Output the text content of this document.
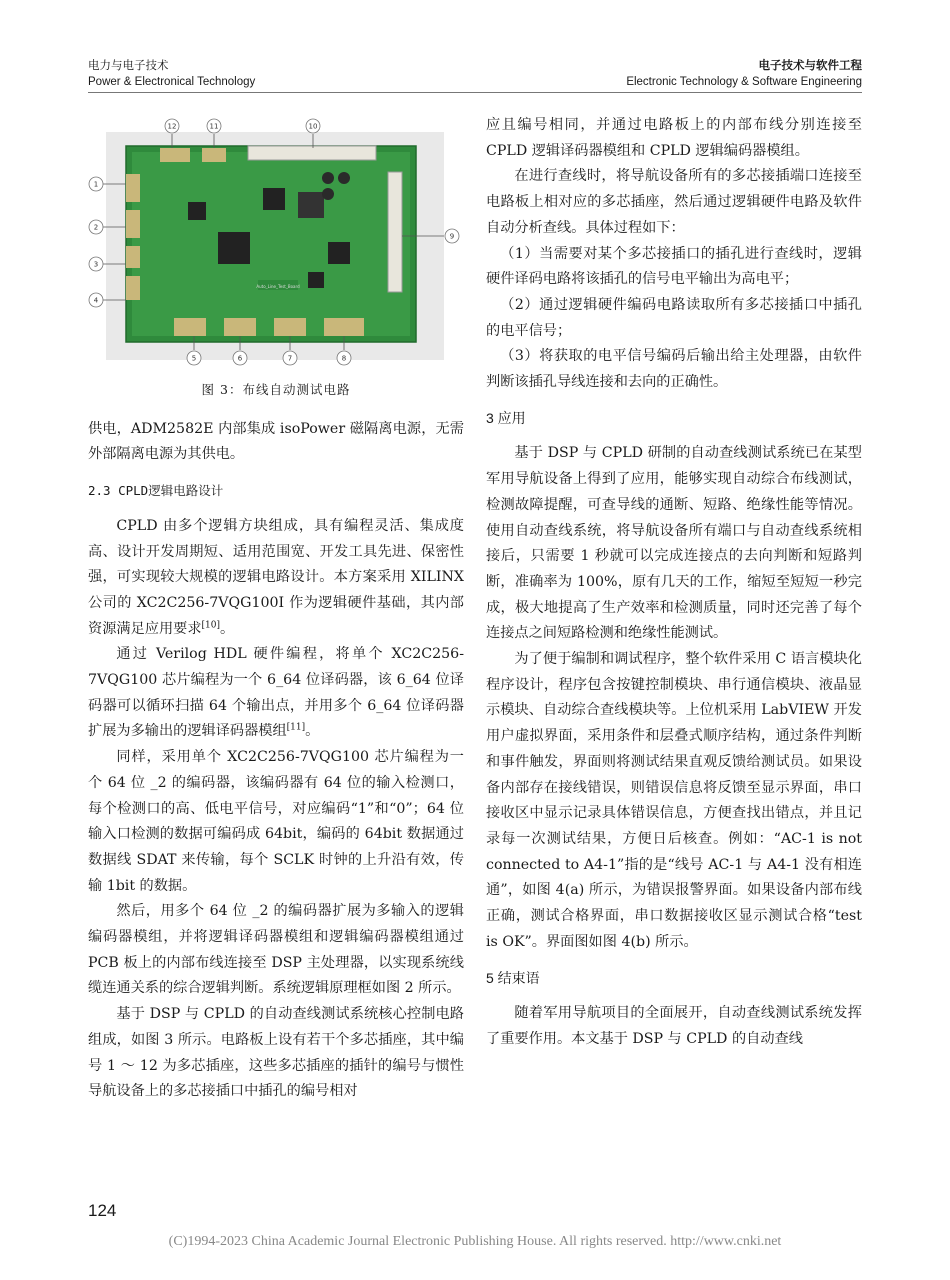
电力与电子技术
Power & Electronical Technology
电子技术与软件工程
Electronic Technology & Software Engineering
Auto_Line_Test_Board
12	11	10
1
2
3
4
9
5	6	7	8
图 3：布线自动测试电路

供电，ADM2582E 内部集成 isoPower 磁隔离电源，无需外部隔离电源为其供电。

2.3 CPLD逻辑电路设计

CPLD 由多个逻辑方块组成，具有编程灵活、集成度高、设计开发周期短、适用范围宽、开发工具先进、保密性强，可实现较大规模的逻辑电路设计。本方案采用 XILINX 公司的 XC2C256-7VQG100I 作为逻辑硬件基础，其内部资源满足应用要求[10]。

通过 Verilog HDL 硬件编程，将单个 XC2C256-7VQG100 芯片编程为一个 6_64 位译码器，该 6_64 位译码器可以循环扫描 64 个输出点，并用多个 6_64 位译码器扩展为多输出的逻辑译码器模组[11]。

同样，采用单个 XC2C256-7VQG100 芯片编程为一个 64 位 _2 的编码器，该编码器有 64 位的输入检测口，每个检测口的高、低电平信号，对应编码“1”和“0”；64 位输入口检测的数据可编码成 64bit，编码的 64bit 数据通过数据线 SDAT 来传输，每个 SCLK 时钟的上升沿有效，传输 1bit 的数据。

然后，用多个 64 位 _2 的编码器扩展为多输入的逻辑编码器模组，并将逻辑译码器模组和逻辑编码器模组通过 PCB 板上的内部布线连接至 DSP 主处理器，以实现系统线缆连通关系的综合逻辑判断。系统逻辑原理框如图 2 所示。

基于 DSP 与 CPLD 的自动查线测试系统核心控制电路组成，如图 3 所示。电路板上设有若干个多芯插座，其中编号 1 ～ 12 为多芯插座，这些多芯插座的插针的编号与惯性导航设备上的多芯接插口中插孔的编号相对

应且编号相同，并通过电路板上的内部布线分别连接至 CPLD 逻辑译码器模组和 CPLD 逻辑编码器模组。

在进行查线时，将导航设备所有的多芯接插端口连接至电路板上相对应的多芯插座，然后通过逻辑硬件电路及软件自动分析查线。具体过程如下：

（1）当需要对某个多芯接插口的插孔进行查线时，逻辑硬件译码电路将该插孔的信号电平输出为高电平；

（2）通过逻辑硬件编码电路读取所有多芯接插口中插孔的电平信号；

（3）将获取的电平信号编码后输出给主处理器，由软件判断该插孔导线连接和去向的正确性。

3 应用

基于 DSP 与 CPLD 研制的自动查线测试系统已在某型军用导航设备上得到了应用，能够实现自动综合布线测试，检测故障提醒，可查导线的通断、短路、绝缘性能等情况。使用自动查线系统，将导航设备所有端口与自动查线系统相接后，只需要 1 秒就可以完成连接点的去向判断和短路判断，准确率为 100%，原有几天的工作，缩短至短短一秒完成，极大地提高了生产效率和检测质量，同时还完善了每个连接点之间短路检测和绝缘性能测试。

为了便于编制和调试程序，整个软件采用 C 语言模块化程序设计，程序包含按键控制模块、串行通信模块、液晶显示模块、自动综合查线模块等。上位机采用 LabVIEW 开发用户虚拟界面，采用条件和层叠式顺序结构，通过条件判断和事件触发，界面则将测试结果直观反馈给测试员。如果设备内部存在接线错误，则错误信息将反馈至显示界面，串口接收区中显示记录具体错误信息，方便查找出错点，并且记录每一次测试结果，方便日后核查。例如：“AC-1 is not connected to A4-1”指的是“线号 AC-1 与 A4-1 没有相连通”，如图 4(a) 所示，为错误报警界面。如果设备内部布线正确，测试合格界面，串口数据接收区显示测试合格“test is OK”。界面图如图 4(b) 所示。

5 结束语

随着军用导航项目的全面展开，自动查线测试系统发挥了重要作用。本文基于 DSP 与 CPLD 的自动查线

124
(C)1994-2023 China Academic Journal Electronic Publishing House. All rights reserved. http://www.cnki.net
